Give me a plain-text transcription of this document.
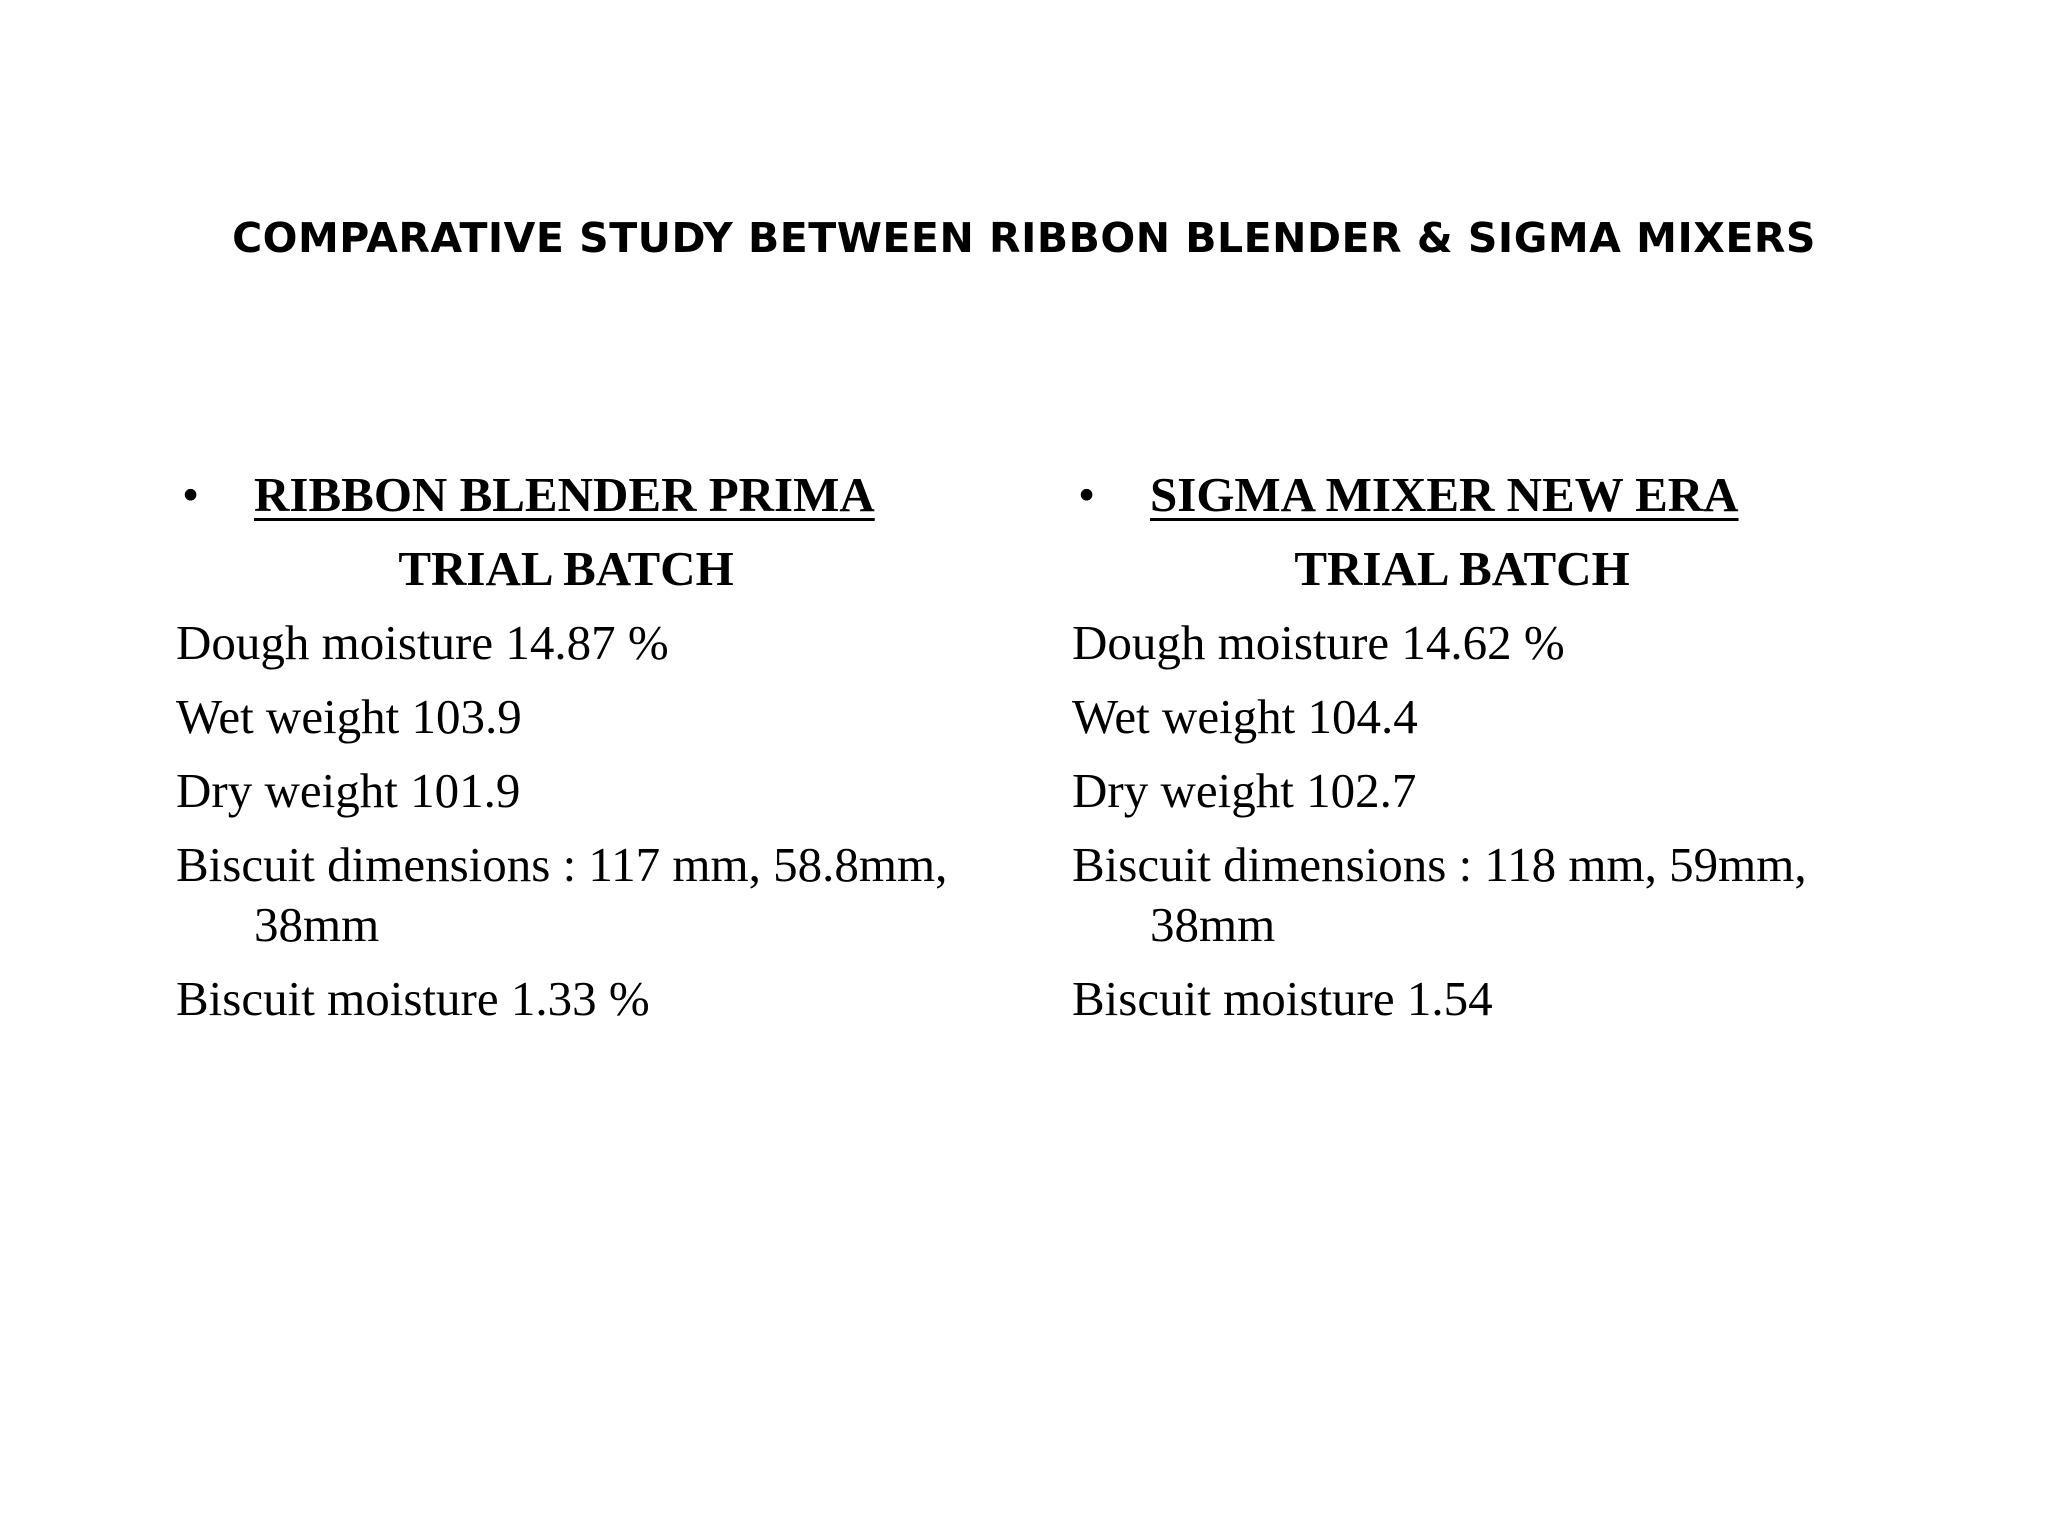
COMPARATIVE STUDY BETWEEN RIBBON BLENDER & SIGMA MIXERS
• RIBBON BLENDER PRIMA
TRIAL BATCH
Dough moisture 14.87 %
Wet weight 103.9
Dry weight 101.9
Biscuit dimensions : 117 mm, 58.8mm,
38mm
Biscuit moisture 1.33 %
• SIGMA MIXER NEW ERA
TRIAL BATCH
Dough moisture 14.62 %
Wet weight 104.4
Dry weight 102.7
Biscuit dimensions : 118 mm, 59mm,
38mm
Biscuit moisture 1.54
